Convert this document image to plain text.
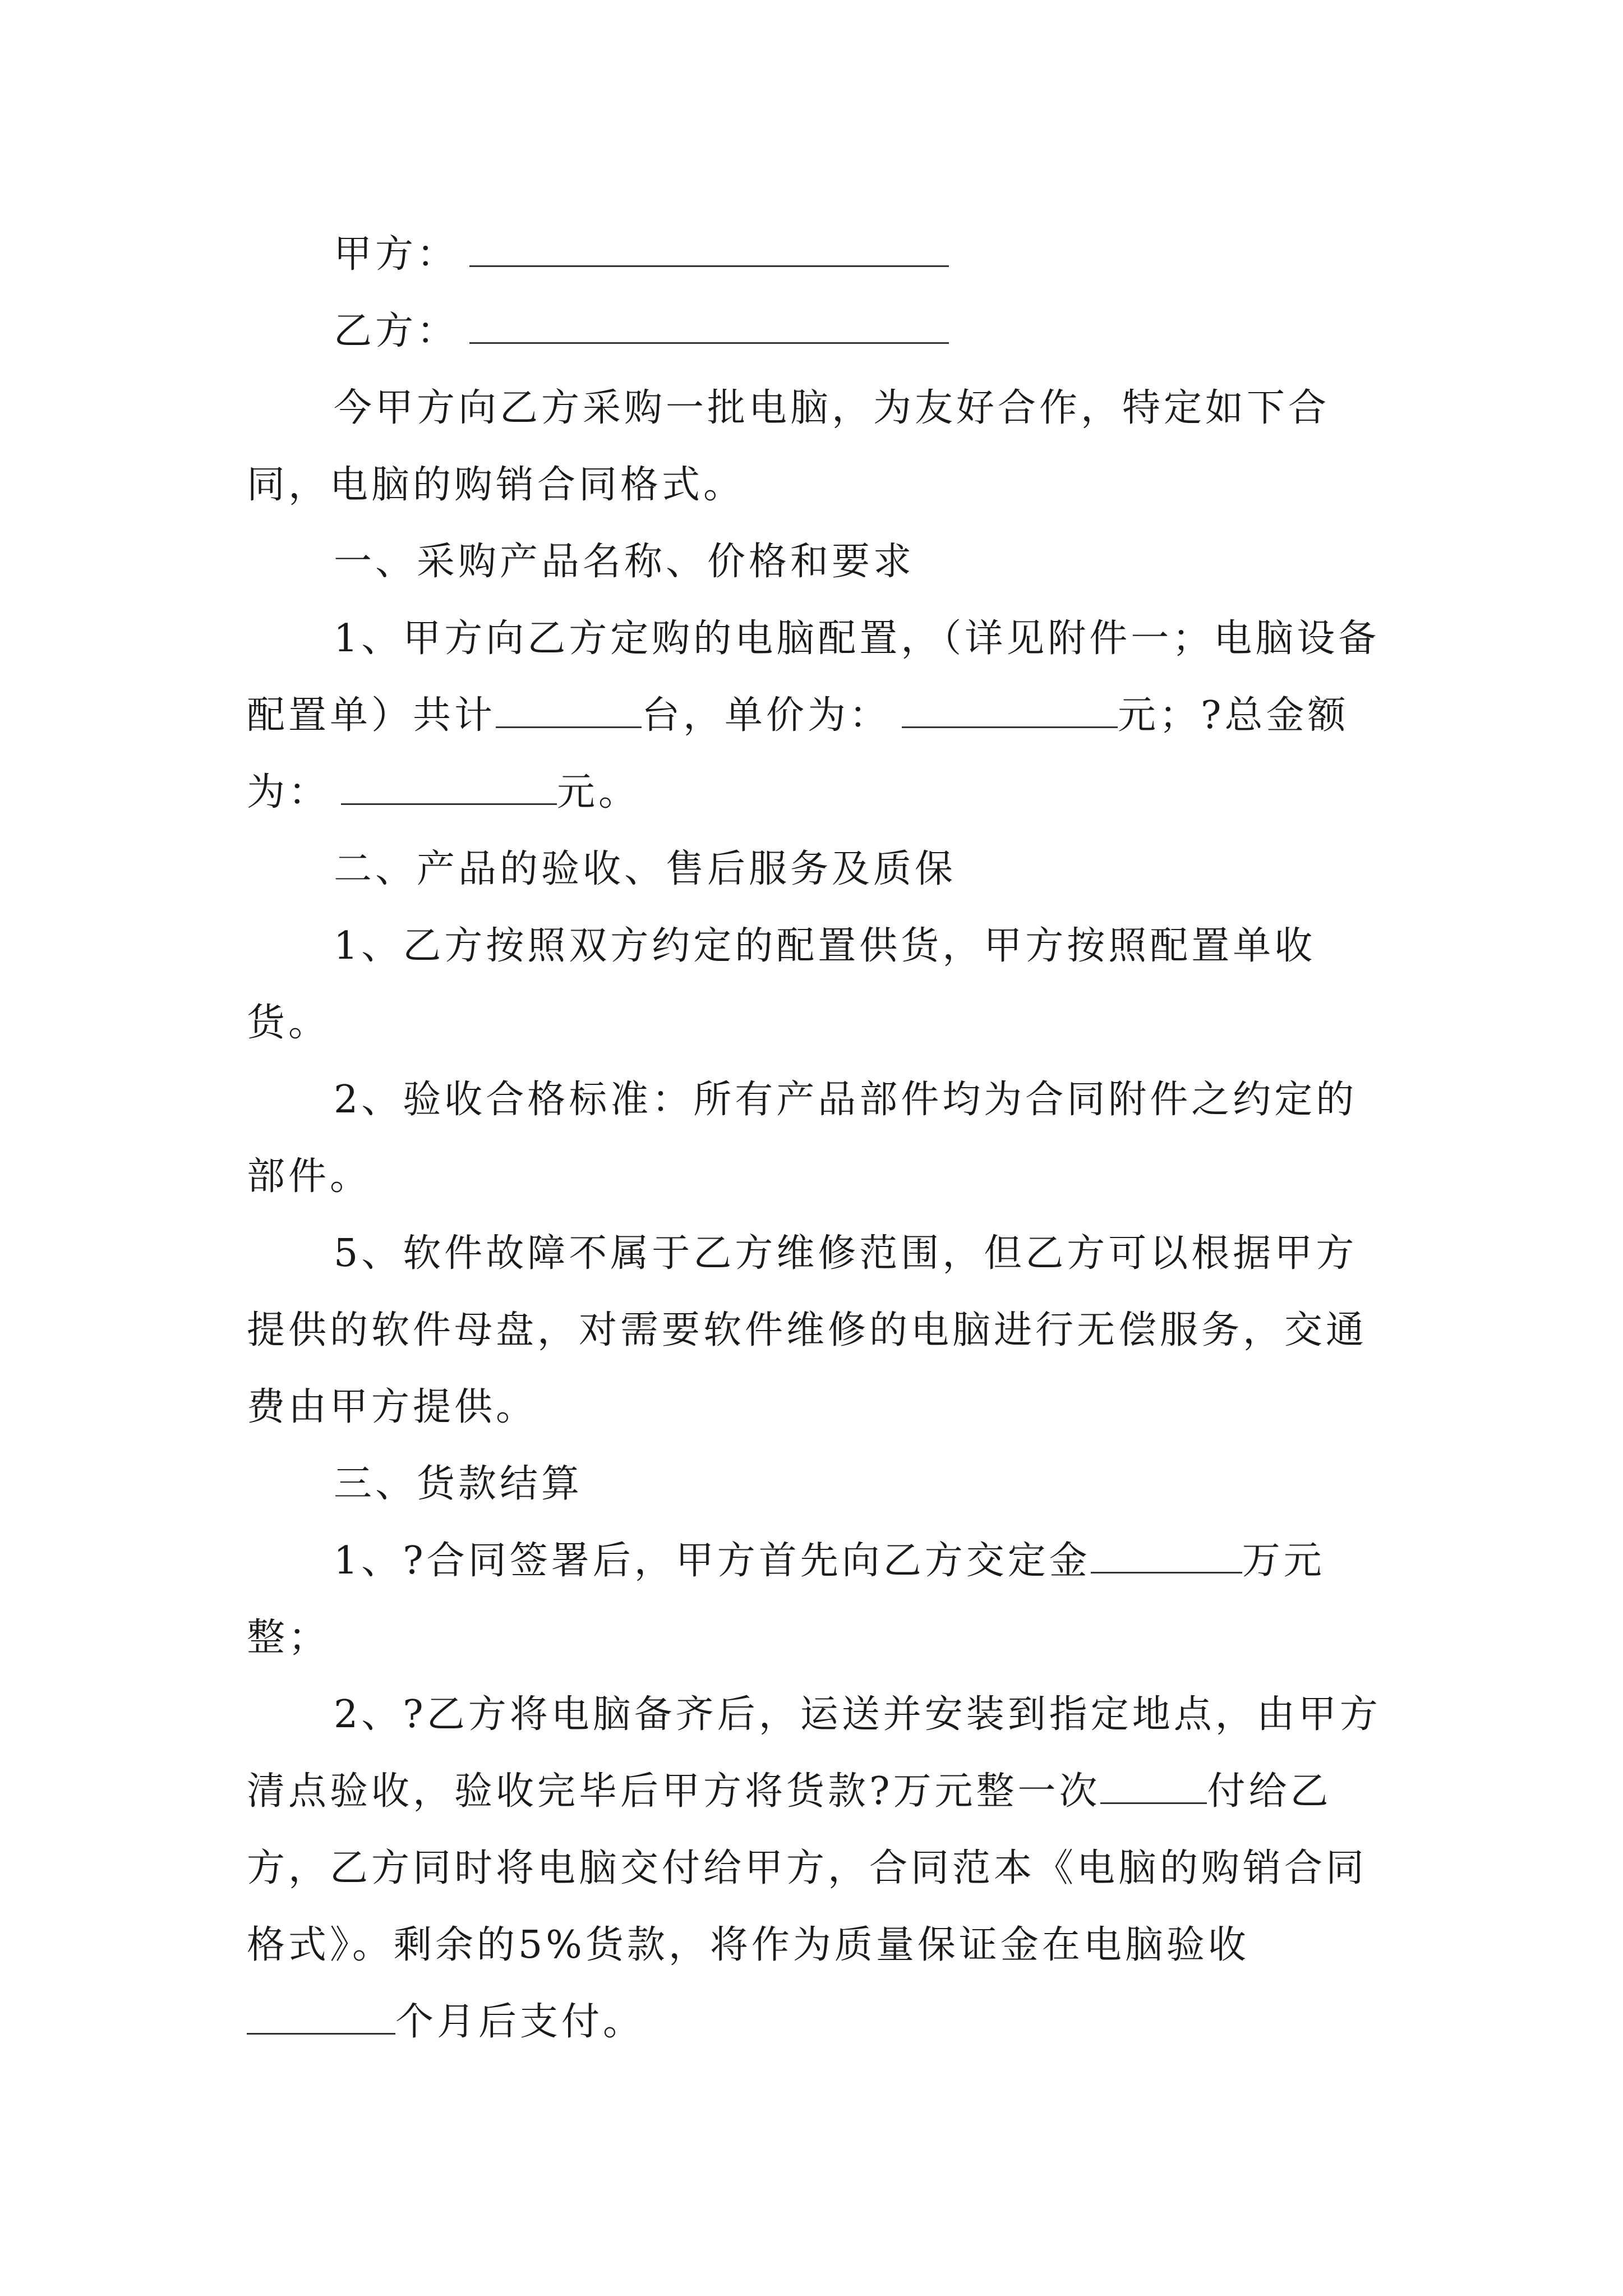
甲方：

乙方：

今甲方向乙方采购一批电脑，为友好合作，特定如下合同，电脑的购销合同格式。

一、采购产品名称、价格和要求

1、甲方向乙方定购的电脑配置，（详见附件一；电脑设备配置单）共计	台，单价为：	元；?总金额为：	元。

二、产品的验收、售后服务及质保

1、乙方按照双方约定的配置供货，甲方按照配置单收货。

2、验收合格标准：所有产品部件均为合同附件之约定的部件。

5、软件故障不属于乙方维修范围，但乙方可以根据甲方提供的软件母盘，对需要软件维修的电脑进行无偿服务，交通费由甲方提供。

三、货款结算

1、?合同签署后，甲方首先向乙方交定金	万元整；

2、?乙方将电脑备齐后，运送并安装到指定地点，由甲方清点验收，验收完毕后甲方将货款?万元整一次	付给乙方，乙方同时将电脑交付给甲方，合同范本《电脑的购销合同格式》。剩余的5%货款，将作为质量保证金在电脑验收个月后支付。
